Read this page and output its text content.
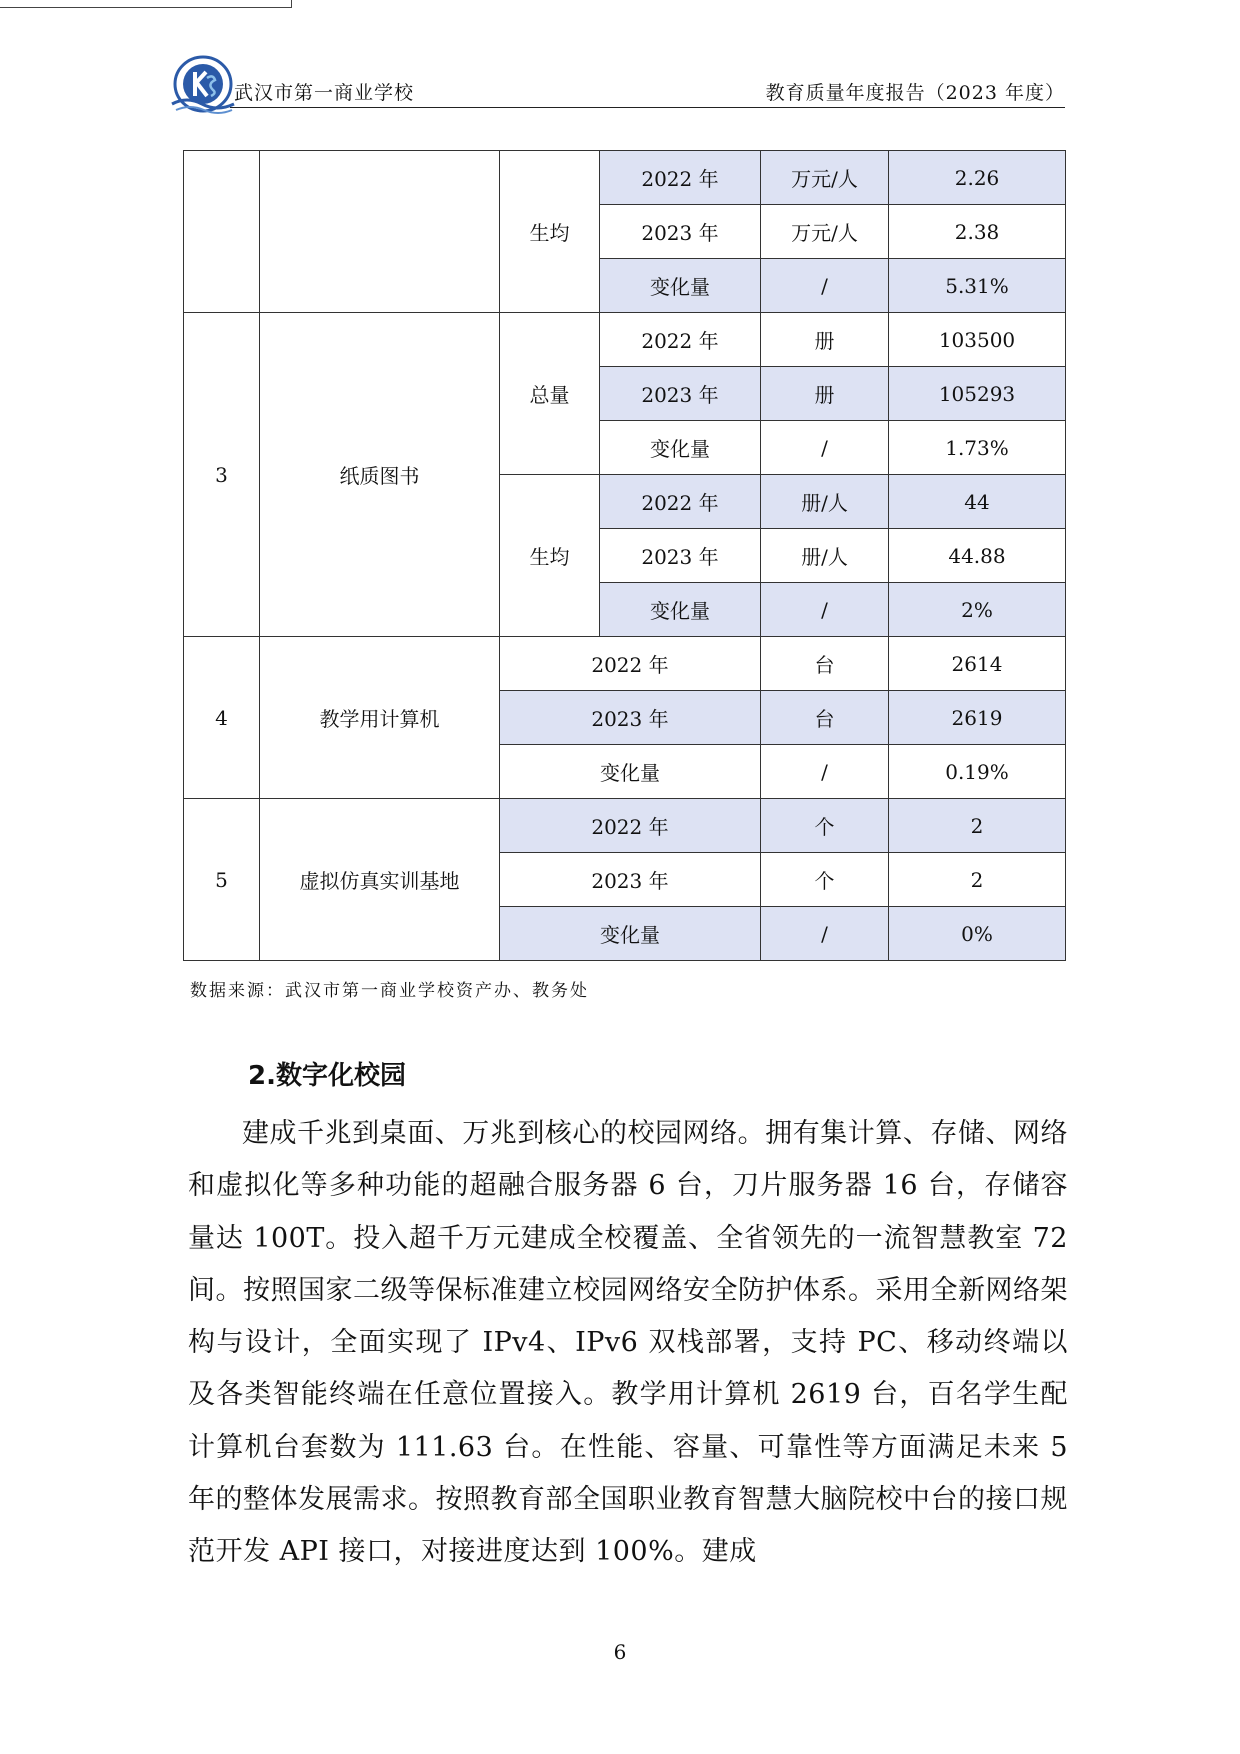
武汉市第一商业学校	教育质量年度报告（2023 年度）
		生均	2022 年	万元/人	2.26
			2023 年	万元/人	2.38
			变化量	/	5.31%
3	纸质图书	总量	2022 年	册	103500
			2023 年	册	105293
			变化量	/	1.73%
		生均	2022 年	册/人	44
			2023 年	册/人	44.88
			变化量	/	2%
4	教学用计算机	2022 年		台	2614
		2023 年		台	2619
		变化量		/	0.19%
5	虚拟仿真实训基地	2022 年		个	2
		2023 年		个	2
		变化量		/	0%
数据来源：武汉市第一商业学校资产办、教务处
2.数字化校园
建成千兆到桌面、万兆到核心的校园网络。拥有集计算、存储、网络和虚拟化等多种功能的超融合服务器 6 台，刀片服务器 16 台，存储容量达 100T。投入超千万元建成全校覆盖、全省领先的一流智慧教室 72 间。按照国家二级等保标准建立校园网络安全防护体系。采用全新网络架构与设计，全面实现了 IPv4、IPv6 双栈部署，支持 PC、移动终端以及各类智能终端在任意位置接入。教学用计算机 2619 台，百名学生配计算机台套数为 111.63 台。在性能、容量、可靠性等方面满足未来 5 年的整体发展需求。按照教育部全国职业教育智慧大脑院校中台的接口规范开发 API 接口，对接进度达到 100%。建成
6
